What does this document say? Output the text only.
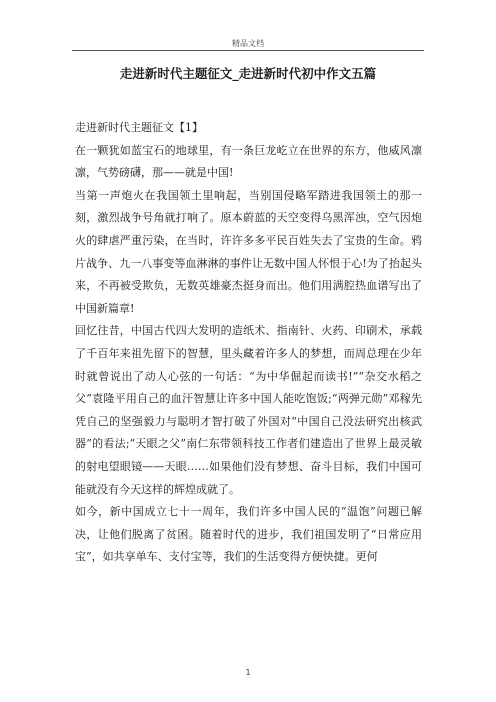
精品文档
走进新时代主题征文_走进新时代初中作文五篇

走进新时代主题征文【1】

在一颗犹如蓝宝石的地球里，有一条巨龙屹立在世界的东方，他威风凛凛，气势磅礴，那——就是中国!

当第一声炮火在我国领土里响起，当别国侵略军踏进我国领土的那一刻，激烈战争号角就打响了。原本蔚蓝的天空变得乌黑浑浊，空气因炮火的肆虐严重污染，在当时，许许多多平民百姓失去了宝贵的生命。鸦片战争、九一八事变等血淋淋的事件让无数中国人怀恨于心!为了抬起头来，不再被受欺负，无数英雄豪杰挺身而出。他们用满腔热血谱写出了中国新篇章!

回忆往昔，中国古代四大发明的造纸术、指南针、火药、印刷术，承载了千百年来祖先留下的智慧，里头藏着许多人的梦想，而周总理在少年时就曾说出了动人心弦的一句话：“为中华倔起而读书!”“杂交水稻之父”袁隆平用自己的血汗智慧让许多中国人能吃饱饭;“两弹元勋”邓稼先凭自己的坚强毅力与聪明才智打破了外国对“中国自己没法研究出核武器”的看法;“天眼之父”南仁东带领科技工作者们建造出了世界上最灵敏的射电望眼镜——天眼……如果他们没有梦想、奋斗目标，我们中国可能就没有今天这样的辉煌成就了。

如今，新中国成立七十一周年，我们许多中国人民的“温饱”问题已解决，让他们脱离了贫困。随着时代的进步，我们祖国发明了“日常应用宝”，如共享单车、支付宝等，我们的生活变得方便快捷。更何

1
